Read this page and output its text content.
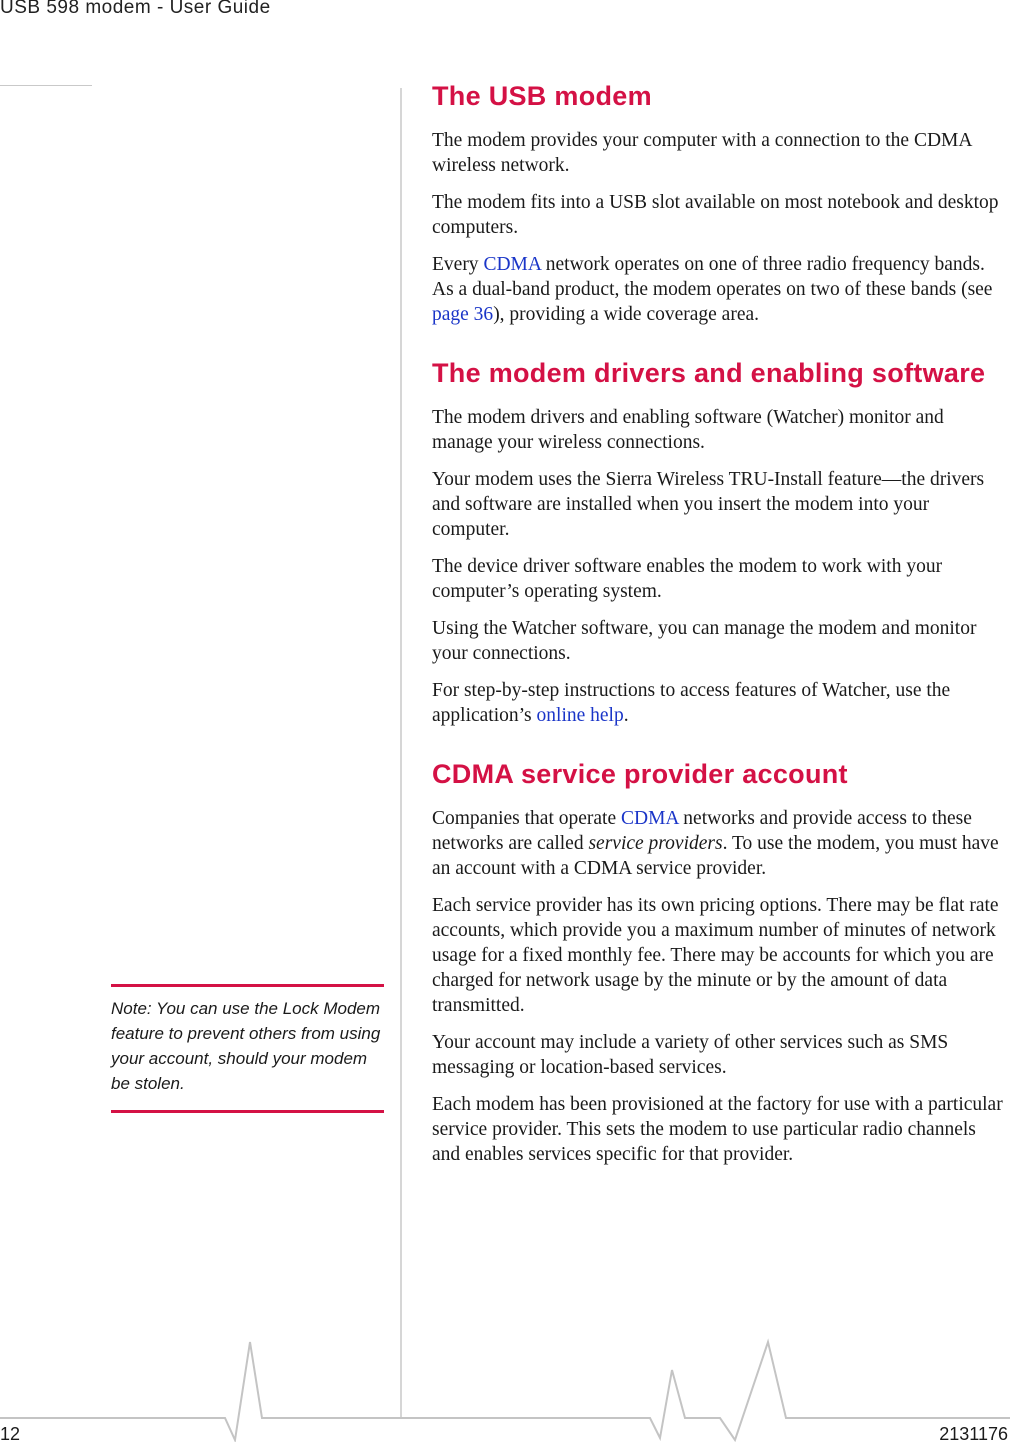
USB 598 modem - User Guide
The USB modem

The modem provides your computer with a connection to the CDMA wireless network.

The modem fits into a USB slot available on most notebook and desktop computers.

Every CDMA network operates on one of three radio frequency bands. As a dual-band product, the modem operates on two of these bands (see page 36), providing a wide coverage area.

The modem drivers and enabling software

The modem drivers and enabling software (Watcher) monitor and manage your wireless connections.

Your modem uses the Sierra Wireless TRU-Install feature—the drivers and software are installed when you insert the modem into your computer.

The device driver software enables the modem to work with your computer’s operating system.

Using the Watcher software, you can manage the modem and monitor your connections.

For step-by-step instructions to access features of Watcher, use the application’s online help.

CDMA service provider account

Companies that operate CDMA networks and provide access to these networks are called service providers. To use the modem, you must have an account with a CDMA service provider.

Each service provider has its own pricing options. There may be flat rate accounts, which provide you a maximum number of minutes of network usage for a fixed monthly fee. There may be accounts for which you are charged for network usage by the minute or by the amount of data transmitted.

Your account may include a variety of other services such as SMS messaging or location-based services.

Each modem has been provisioned at the factory for use with a particular service provider. This sets the modem to use particular radio channels and enables services specific for that provider.

Note: You can use the Lock Modem feature to prevent others from using your account, should your modem be stolen.
12	2131176
